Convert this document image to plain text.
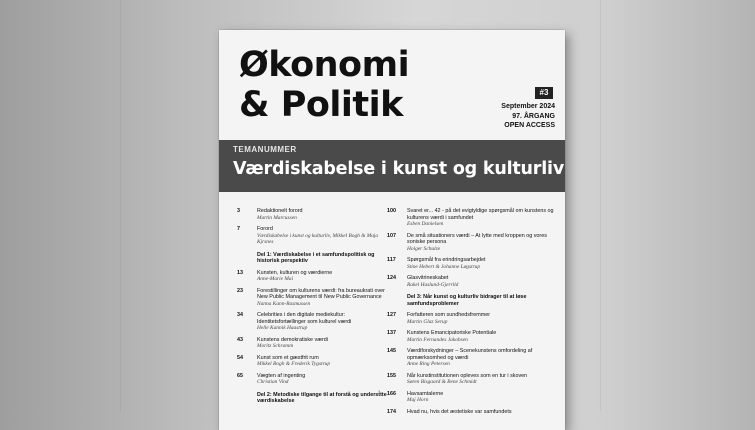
Økonomi
& Politik	#3
September 2024
97. ÅRGANG
OPEN ACCESS
TEMANUMMER
Værdiskabelse i kunst og kulturliv
3	Redaktionelt forord
Martin Marcussen
7	Forord
Værdiskabelse i kunst og kulturliv, Mikkel Bogh & Maja Kjrsnes
Del 1: Værdiskabelse i et samfundspolitisk og historisk perspektiv
13	Kunsten, kulturen og værdierne
Anne-Marie Mai
23	Forestillinger om kulturens værdi: fra bureaukrati over New Public Management til New Public Governance
Nanna Kann-Rasmussen
34	Celebrities i den digitale mediekultur: Identitetsfortællinger som kulturel værdi
Helle Kannik Haastrup
43	Kunstens demokratiske værdi
Moritz Schramm
54	Kunst som et gæstfrit rum
Mikkel Bogh & Frederik Tygstrup
65	Vægten af ingenting
Christian Vind
Del 2: Metodiske tilgange til at forstå og underst̊tte værdiskabelse
100 Svaret er... 42 - på det evigtyldige spørgsmål om kunstens og kulturens værdi i samfundet
Esben Danielsen
107 De små situationers værdi – At lytte med kroppen og vores soniske persona
Holger Schulze
117 Spørgsmål fra erindringsarbejdet
Stine Hebert & Johanne Løgstrup
124 Glasvitrineskabet
Rakel Haslund-Gjerrild
Del 3: Når kunst og kulturliv bidrager til at løse samfundsproblemer
127 Forfatteren som sundhedsfremmer
Martin Glaz Serup
137 Kunstens Emancipatoriske Potentiale
Martin Fernandes Jakobsen
145 Værdiforskydninger – Scenekunstens omfordeling af opmærksomhed og værdi
Anne Ring Petersen
155 Når kunstinstitutionen opleves som en tur i skoven
Søren Bisgaard & Bene Schmidt
166 Havsamtalerne
Maj Horn
174 Hvad nu, hvis det æstetiske var samfundets
